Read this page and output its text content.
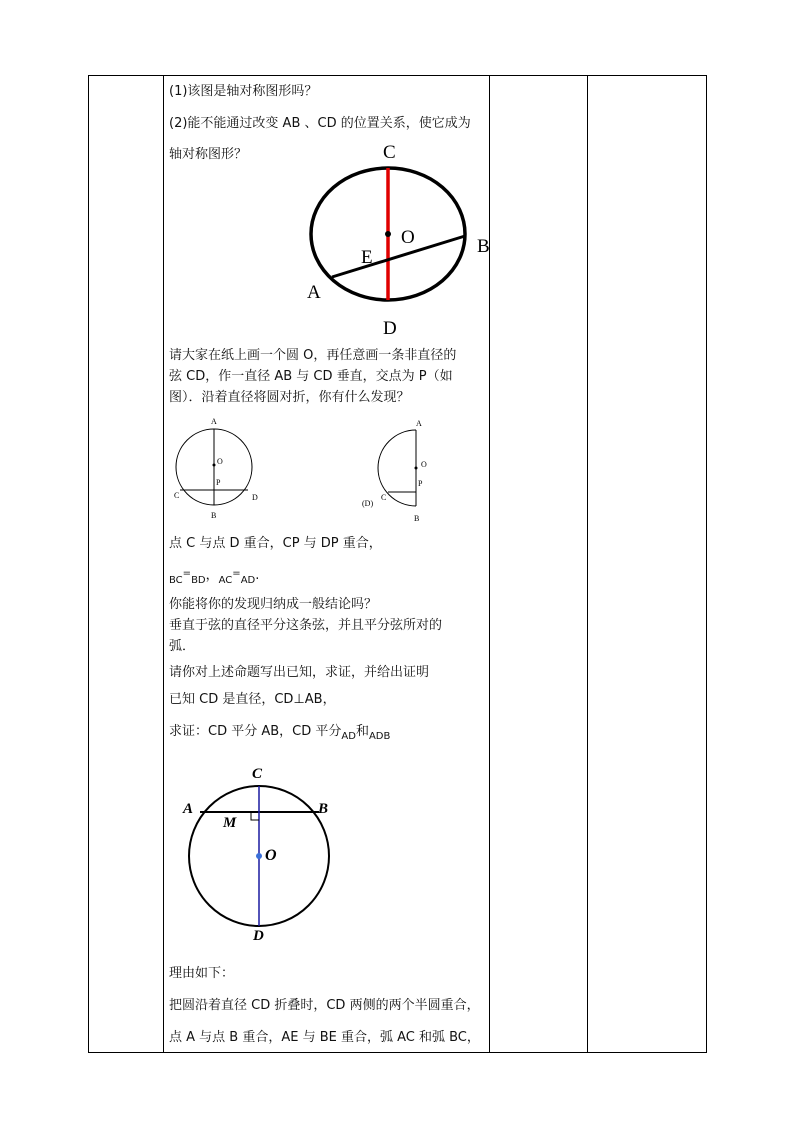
(1)该图是轴对称图形吗？
(2)能不能通过改变 AB 、CD 的位置关系，使它成为
轴对称图形？
请大家在纸上画一个圆 O，再任意画一条非直径的
弦 CD，作一直径 AB 与 CD 垂直，交点为 P（如
图）．沿着直径将圆对折，你有什么发现？
点 C 与点 D 重合，CP 与 DP 重合，
$_{BC}$=$_{BD}$，$_{AC}$=$_{AD}$.
你能将你的发现归纳成一般结论吗？
垂直于弦的直径平分这条弦，并且平分弦所对的
弧．
请你对上述命题写出已知，求证，并给出证明
已知 CD 是直径，CD⊥AB，
求证：CD 平分 AB，CD 平分$_{AD}$和$_{ADB}$
理由如下：
把圆沿着直径 CD 折叠时，CD 两侧的两个半圆重合，
点 A 与点 B 重合，AE 与 BE 重合，弧 AC 和弧 BC，
C
O	B
E
A
D
A
O
P
C	D
B
A
O
P
(D)
C
B
C
A	B
M
O
D
